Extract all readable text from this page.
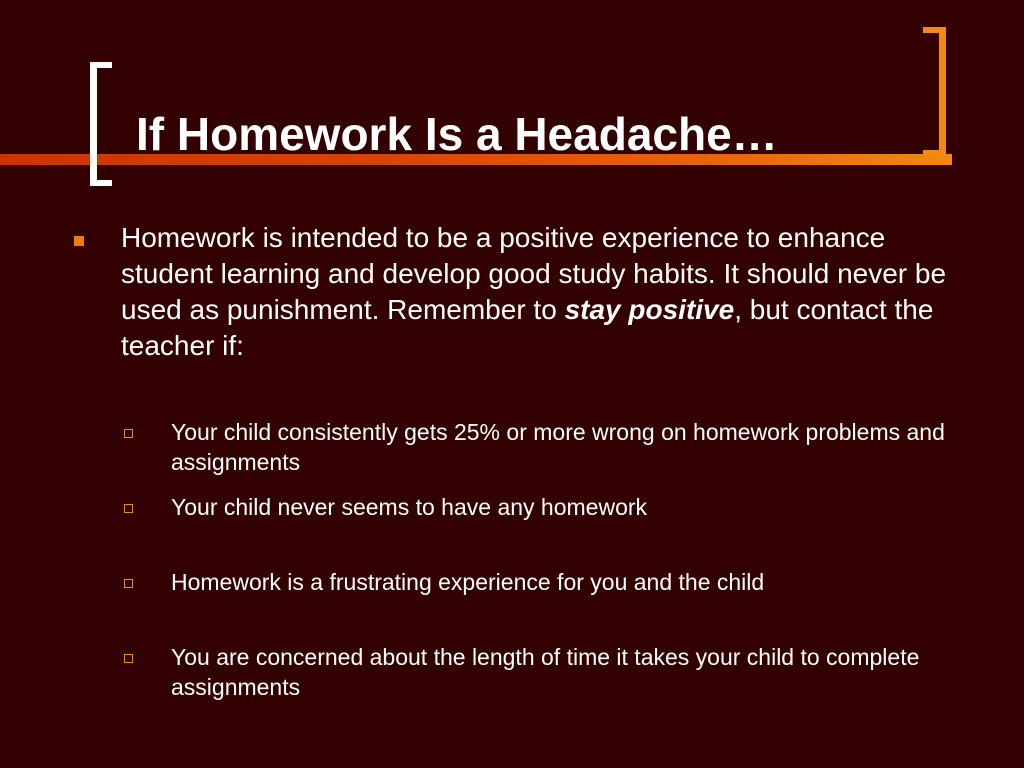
If Homework Is a Headache…

Homework is intended to be a positive experience to enhance student learning and develop good study habits. It should never be used as punishment. Remember to stay positive, but contact the teacher if:

Your child consistently gets 25% or more wrong on homework problems and assignments
Your child never seems to have any homework
Homework is a frustrating experience for you and the child
You are concerned about the length of time it takes your child to complete assignments
